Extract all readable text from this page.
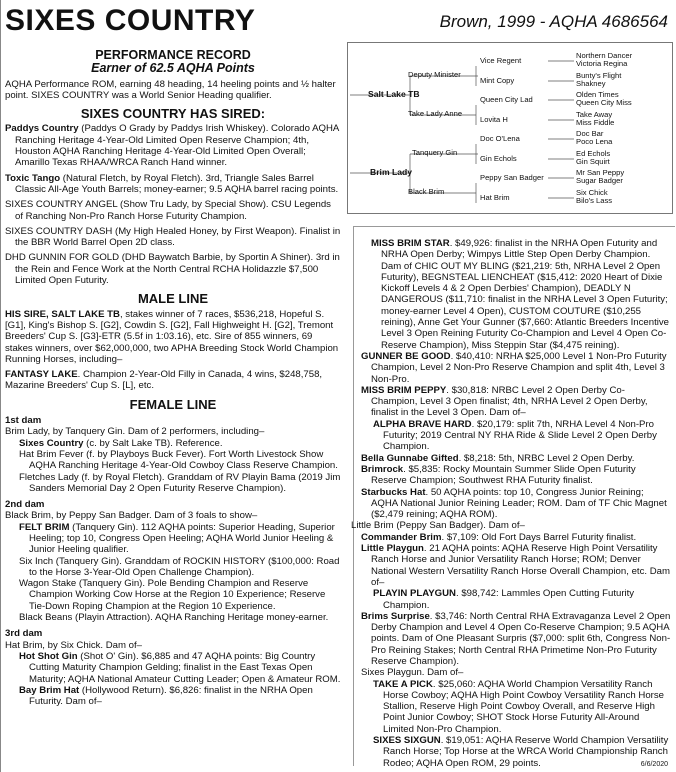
SIXES COUNTRY	Brown, 1999 - AQHA 4686564
Deputy Minister
Salt Lake TB
Take Lady Anne
Tanquery Gin
Brim Lady
Black Brim
Vice Regent
Mint Copy
Queen City Lad
Lovita H
Doc O'Lena
Gin Echols
Peppy San Badger
Hat Brim
Northern Dancer
Victoria Regina
Bunty's Flight
Shakney
Olden Times
Queen City Miss
Take Away
Miss Fiddle
Doc Bar
Poco Lena
Ed Echols
Gin Squirt
Mr San Peppy
Sugar Badger
Six Chick
Bilo's Lass
PERFORMANCE RECORD
Earner of 62.5 AQHA Points

AQHA Performance ROM, earning 48 heading, 14 heeling points and ½ halter point. SIXES COUNTRY was a World Senior Heading qualifier.

SIXES COUNTRY HAS SIRED:

Paddys Country (Paddys O Grady by Paddys Irish Whiskey). Colorado AQHA Ranching Heritage 4-Year-Old Limited Open Reserve Champion; 4th, Houston AQHA Ranching Heritage 4-Year-Old Limited Open Overall; Amarillo Texas RHAA/WRCA Ranch Hand winner.

Toxic Tango (Natural Fletch, by Royal Fletch). 3rd, Triangle Sales Barrel Classic All-Age Youth Barrels; money-earner; 9.5 AQHA barrel racing points.

SIXES COUNTRY ANGEL (Show Tru Lady, by Special Show). CSU Legends of Ranching Non-Pro Ranch Horse Futurity Champion.

SIXES COUNTRY DASH (My High Healed Honey, by First Weapon). Finalist in the BBR World Barrel Open 2D class.

DHD GUNNIN FOR GOLD (DHD Baywatch Barbie, by Sportin A Shiner). 3rd in the Rein and Fence Work at the North Central RCHA Holidazzle $7,500 Limited Open Futurity.

MALE LINE

HIS SIRE, SALT LAKE TB, stakes winner of 7 races, $536,218, Hopeful S. [G1], King's Bishop S. [G2], Cowdin S. [G2], Fall Highweight H. [G2], Tremont Breeders' Cup S. [G3]-ETR (5.5f in 1:03.16), etc. Sire of 855 winners, 69 stakes winners, over $62,000,000, two APHA Breeding Stock World Champion Running Horses, including–

FANTASY LAKE. Champion 2-Year-Old Filly in Canada, 4 wins, $248,758, Mazarine Breeders' Cup S. [L], etc.

FEMALE LINE
1st dam
Brim Lady, by Tanquery Gin. Dam of 2 performers, including–
Sixes Country (c. by Salt Lake TB). Reference.
Hat Brim Fever (f. by Playboys Buck Fever). Fort Worth Livestock Show AQHA Ranching Heritage 4-Year-Old Cowboy Class Reserve Champion.
Fletches Lady (f. by Royal Fletch). Granddam of RV Playin Bama (2019 Jim Sanders Memorial Day 2 Open Futurity Reserve Champion).
2nd dam
Black Brim, by Peppy San Badger. Dam of 3 foals to show–
FELT BRIM (Tanquery Gin). 112 AQHA points: Superior Heading, Superior Heeling; top 10, Congress Open Heeling; AQHA World Junior Heeling & Junior Heeling qualifier.
Six Inch (Tanquery Gin). Granddam of ROCKIN HISTORY ($100,000: Road to the Horse 3-Year-Old Open Challenge Champion).
Wagon Stake (Tanquery Gin). Pole Bending Champion and Reserve Champion Working Cow Horse at the Region 10 Experience; Reserve Tie-Down Roping Champion at the Region 10 Experience.
Black Beans (Playin Attraction). AQHA Ranching Heritage money-earner.
3rd dam
Hat Brim, by Six Chick. Dam of–
Hot Shot Gin (Shot O' Gin). $6,885 and 47 AQHA points: Big Country Cutting Maturity Champion Gelding; finalist in the East Texas Open Maturity; AQHA National Amateur Cutting Leader; Open & Amateur ROM.
Bay Brim Hat (Hollywood Return). $6,826: finalist in the NRHA Open Futurity. Dam of–
MISS BRIM STAR. $49,926: finalist in the NRHA Open Futurity and NRHA Open Derby; Wimpys Little Step Open Derby Champion. Dam of CHIC OUT MY BLING ($21,219: 5th, NRHA Level 2 Open Futurity), BEGNSTEAL LIENCHEAT ($15,412: 2020 Heart of Dixie Kickoff Levels 4 & 2 Open Derbies' Champion), DEADLY N DANGEROUS ($11,710: finalist in the NRHA Level 3 Open Futurity; money-earner Level 4 Open), CUSTOM COUTURE ($10,255 reining), Anne Get Your Gunner ($7,660: Atlantic Breeders Incentive Level 3 Open Reining Futurity Co-Champion and Level 4 Open Co-Reserve Champion), Miss Steppin Star ($4,475 reining).
GUNNER BE GOOD. $40,410: NRHA $25,000 Level 1 Non-Pro Futurity Champion, Level 2 Non-Pro Reserve Champion and split 4th, Level 3 Non-Pro.
MISS BRIM PEPPY. $30,818: NRBC Level 2 Open Derby Co-Champion, Level 3 Open finalist; 4th, NRHA Level 2 Open Derby, finalist in the Level 3 Open. Dam of–
ALPHA BRAVE HARD. $20,179: split 7th, NRHA Level 4 Non-Pro Futurity; 2019 Central NY RHA Ride & Slide Level 2 Open Derby Champion.
Bella Gunnabe Gifted. $8,218: 5th, NRBC Level 2 Open Derby.
Brimrock. $5,835: Rocky Mountain Summer Slide Open Futurity Reserve Champion; Southwest RHA Futurity finalist.
Starbucks Hat. 50 AQHA points: top 10, Congress Junior Reining; AQHA National Junior Reining Leader; ROM. Dam of TF Chic Magnet ($2,479 reining; AQHA ROM).
Little Brim (Peppy San Badger). Dam of–
Commander Brim. $7,109: Old Fort Days Barrel Futurity finalist.
Little Playgun. 21 AQHA points: AQHA Reserve High Point Versatility Ranch Horse and Junior Versatility Ranch Horse; ROM; Denver National Western Versatility Ranch Horse Overall Champion, etc. Dam of–
PLAYIN PLAYGUN. $98,742: Lammles Open Cutting Futurity Champion.
Brims Surprise. $3,746: North Central RHA Extravaganza Level 2 Open Derby Champion and Level 4 Open Co-Reserve Champion; 9.5 AQHA points. Dam of One Pleasant Surpris ($7,000: split 6th, Congress Non-Pro Reining Stakes; North Central RHA Primetime Non-Pro Futurity Reserve Champion).
Sixes Playgun. Dam of–
TAKE A PICK. $25,060: AQHA World Champion Versatility Ranch Horse Cowboy; AQHA High Point Cowboy Versatility Ranch Horse Stallion, Reserve High Point Cowboy Overall, and Reserve High Point Junior Cowboy; SHOT Stock Horse Futurity All-Around Limited Non-Pro Champion.
SIXES SIXGUN. $19,051: AQHA Reserve World Champion Versatility Ranch Horse; Top Horse at the WRCA World Championship Ranch Rodeo; AQHA Open ROM, 29 points.	6/6/2020
